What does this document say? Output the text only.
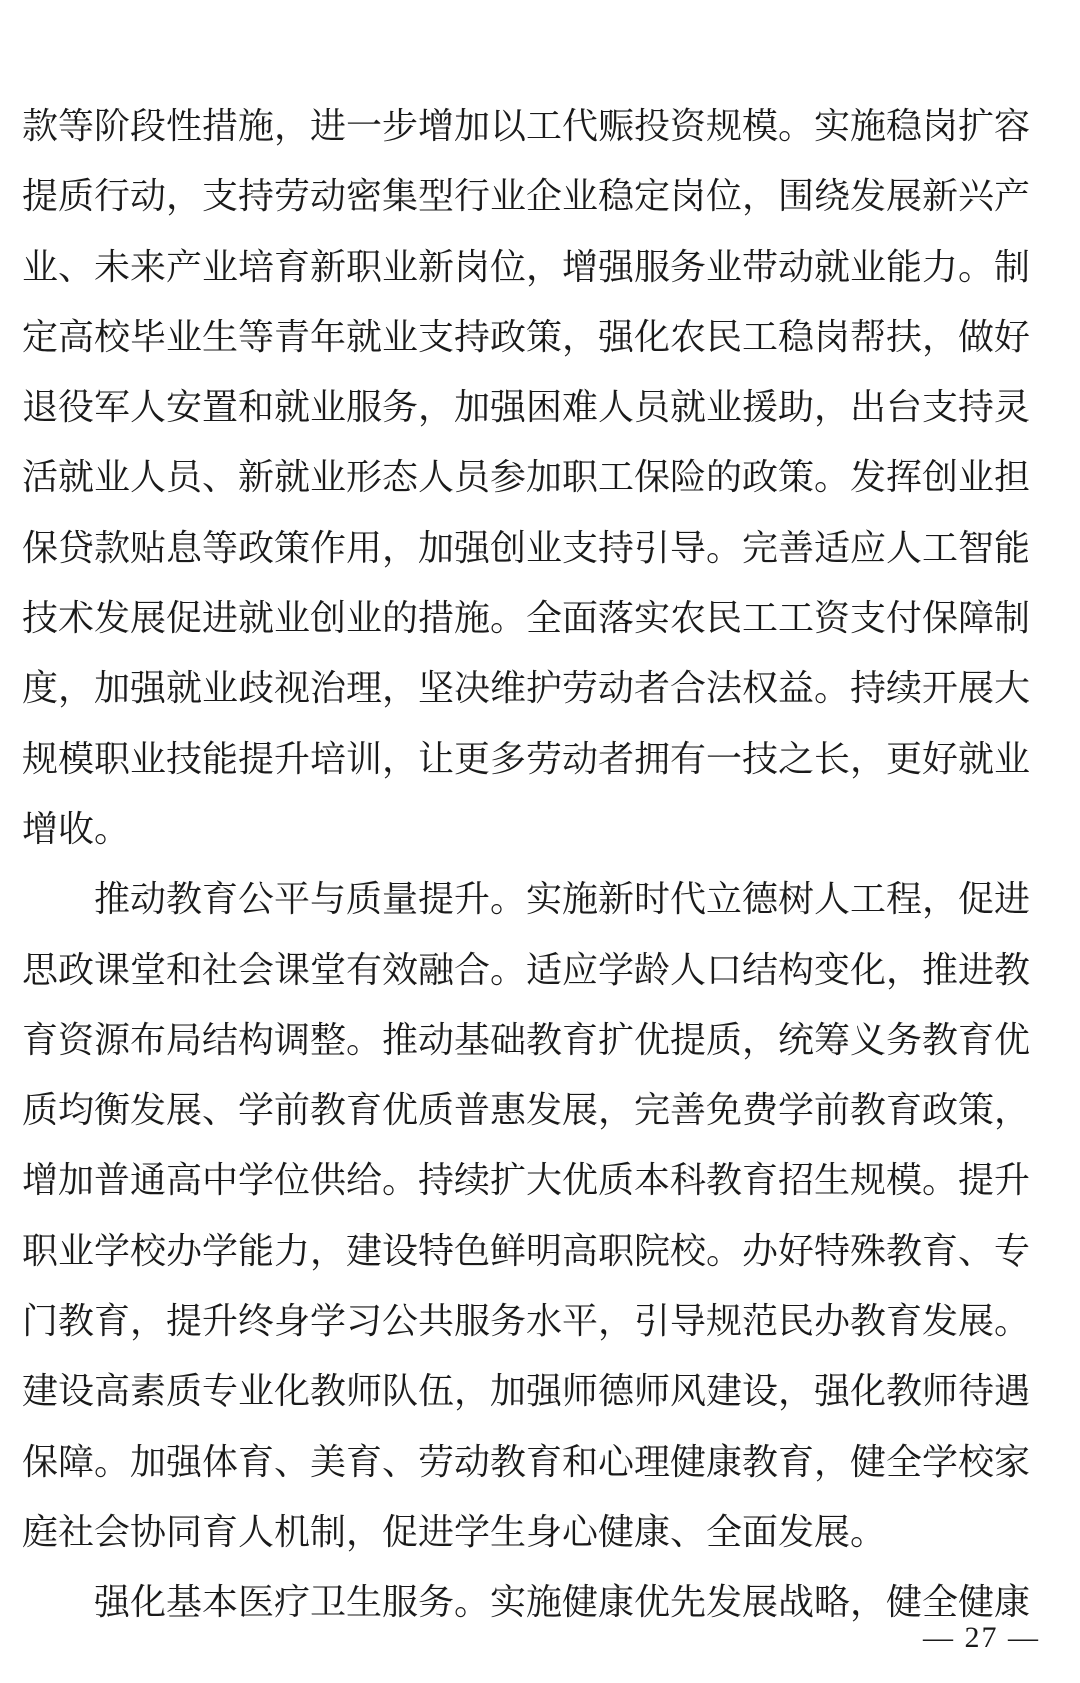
款等阶段性措施，进一步增加以工代赈投资规模。实施稳岗扩容
提质行动，支持劳动密集型行业企业稳定岗位，围绕发展新兴产
业、未来产业培育新职业新岗位，增强服务业带动就业能力。制
定高校毕业生等青年就业支持政策，强化农民工稳岗帮扶，做好
退役军人安置和就业服务，加强困难人员就业援助，出台支持灵
活就业人员、新就业形态人员参加职工保险的政策。发挥创业担
保贷款贴息等政策作用，加强创业支持引导。完善适应人工智能
技术发展促进就业创业的措施。全面落实农民工工资支付保障制
度，加强就业歧视治理，坚决维护劳动者合法权益。持续开展大
规模职业技能提升培训，让更多劳动者拥有一技之长，更好就业
增收。
　　推动教育公平与质量提升。实施新时代立德树人工程，促进
思政课堂和社会课堂有效融合。适应学龄人口结构变化，推进教
育资源布局结构调整。推动基础教育扩优提质，统筹义务教育优
质均衡发展、学前教育优质普惠发展，完善免费学前教育政策，
增加普通高中学位供给。持续扩大优质本科教育招生规模。提升
职业学校办学能力，建设特色鲜明高职院校。办好特殊教育、专
门教育，提升终身学习公共服务水平，引导规范民办教育发展。
建设高素质专业化教师队伍，加强师德师风建设，强化教师待遇
保障。加强体育、美育、劳动教育和心理健康教育，健全学校家
庭社会协同育人机制，促进学生身心健康、全面发展。
　　强化基本医疗卫生服务。实施健康优先发展战略，健全健康
— 27 —
